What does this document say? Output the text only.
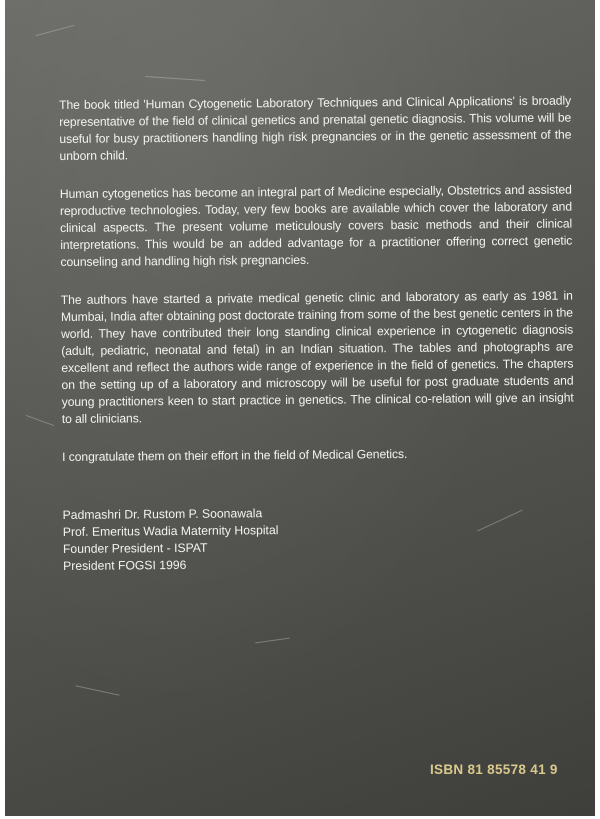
The book titled 'Human Cytogenetic Laboratory Techniques and Clinical Applications' is broadly representative of the field of clinical genetics and prenatal genetic diagnosis. This volume will be useful for busy practitioners handling high risk pregnancies or in the genetic assessment of the unborn child.

Human cytogenetics has become an integral part of Medicine especially, Obstetrics and assisted reproductive technologies. Today, very few books are available which cover the laboratory and clinical aspects. The present volume meticulously covers basic methods and their clinical interpretations. This would be an added advantage for a practitioner offering correct genetic counseling and handling high risk pregnancies.

The authors have started a private medical genetic clinic and laboratory as early as 1981 in Mumbai, India after obtaining post doctorate training from some of the best genetic centers in the world. They have contributed their long standing clinical experience in cytogenetic diagnosis (adult, pediatric, neonatal and fetal) in an Indian situation. The tables and photographs are excellent and reflect the authors wide range of experience in the field of genetics. The chapters on the setting up of a laboratory and microscopy will be useful for post graduate students and young practitioners keen to start practice in genetics. The clinical co-relation will give an insight to all clinicians.

I congratulate them on their effort in the field of Medical Genetics.

Padmashri Dr. Rustom P. Soonawala
Prof. Emeritus Wadia Maternity Hospital
Founder President - ISPAT
President FOGSI 1996
ISBN 81 85578 41 9
